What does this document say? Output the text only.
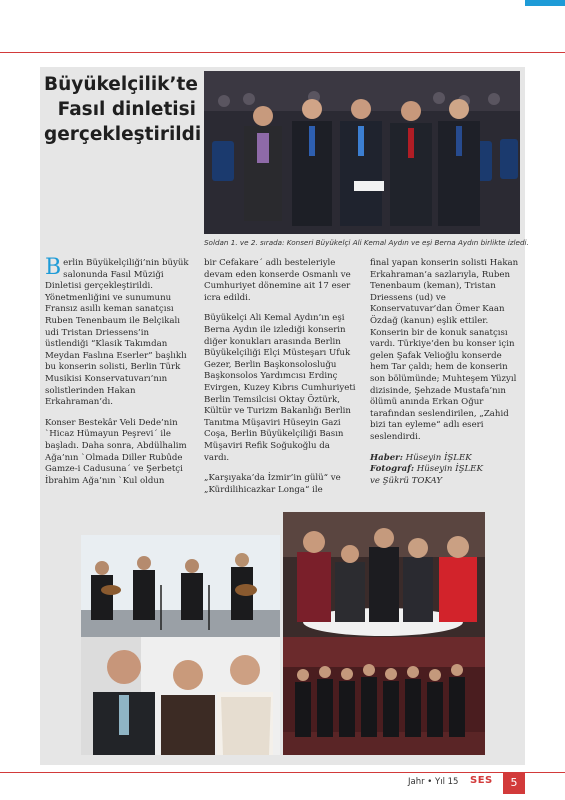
Büyükelçilik’te Fasıl dinletisi gerçekleştirildi
Soldan 1. ve 2. sırada: Konseri Büyükelçi Ali Kemal Aydın ve eşi Berna Aydın birlikte izledi.

Berlin Büyükelçiliği’nin büyük salonunda Fasıl Müziği Dinletisi gerçekleştirildi. Yönetmenliğini ve sunumunu Fransız asıllı keman sanatçısı Ruben Tenenbaum ile Belçikalı udi Tristan Driessens’in üstlendiği “Klasik Takımdan Meydan Faslına Eserler” başlıklı bu konserin solisti, Berlin Türk Musikisi Konservatuvarı’nın solistlerinden Hakan Erkahraman’dı.

Konser Bestekâr Veli Dede’nin `Hicaz Hümayun Peşrevi´ ile başladı. Daha sonra, Abdülhalim Ağa’nın `Olmada Diller Rubûde Gamze-i Cadusuna´ ve Şerbetçi İbrahim Ağa’nın `Kul oldun

bir Cefakare´ adlı besteleriyle devam eden konserde Osmanlı ve Cumhuriyet dönemine ait 17 eser icra edildi.

Büyükelçi Ali Kemal Aydın’ın eşi Berna Aydın ile izlediği konserin diğer konukları arasında Berlin Büyükelçiliği Elçi Müsteşarı Ufuk Gezer, Berlin Başkonsolosluğu Başkonsolos Yardımcısı Erdinç Evirgen, Kuzey Kıbrıs Cumhuriyeti Berlin Temsilcisi Oktay Öztürk, Kültür ve Turizm Bakanlığı Berlin Tanıtma Müşaviri Hüseyin Gazi Coşa, Berlin Büyükelçiliği Basın Müşaviri Refik Soğukoğlu da vardı.

„Karşıyaka’da İzmir’in gülü“ ve „Kürdilihicazkar Longa“ ile

final yapan konserin solisti Hakan Erkahraman’a sazlarıyla, Ruben Tenenbaum (keman), Tristan Driessens (ud) ve Konservatuvar’dan Ömer Kaan Özdağ (kanun) eşlik ettiler. Konserin bir de konuk sanatçısı vardı. Türkiye’den bu konser için gelen Şafak Velioğlu konserde hem Tar çaldı; hem de konserin son bölümünde; Muhteşem Yüzyıl dizisinde, Şehzade Mustafa’nın ölümü anında Erkan Oğur tarafından seslendirilen, „Zahid bizi tan eyleme“ adlı eseri seslendirdi.

Haber: Hüseyin İŞLEK
Fotograf: Hüseyin İŞLEK
ve Şükrü TOKAY
Jahr • Yıl 15 SES	5
